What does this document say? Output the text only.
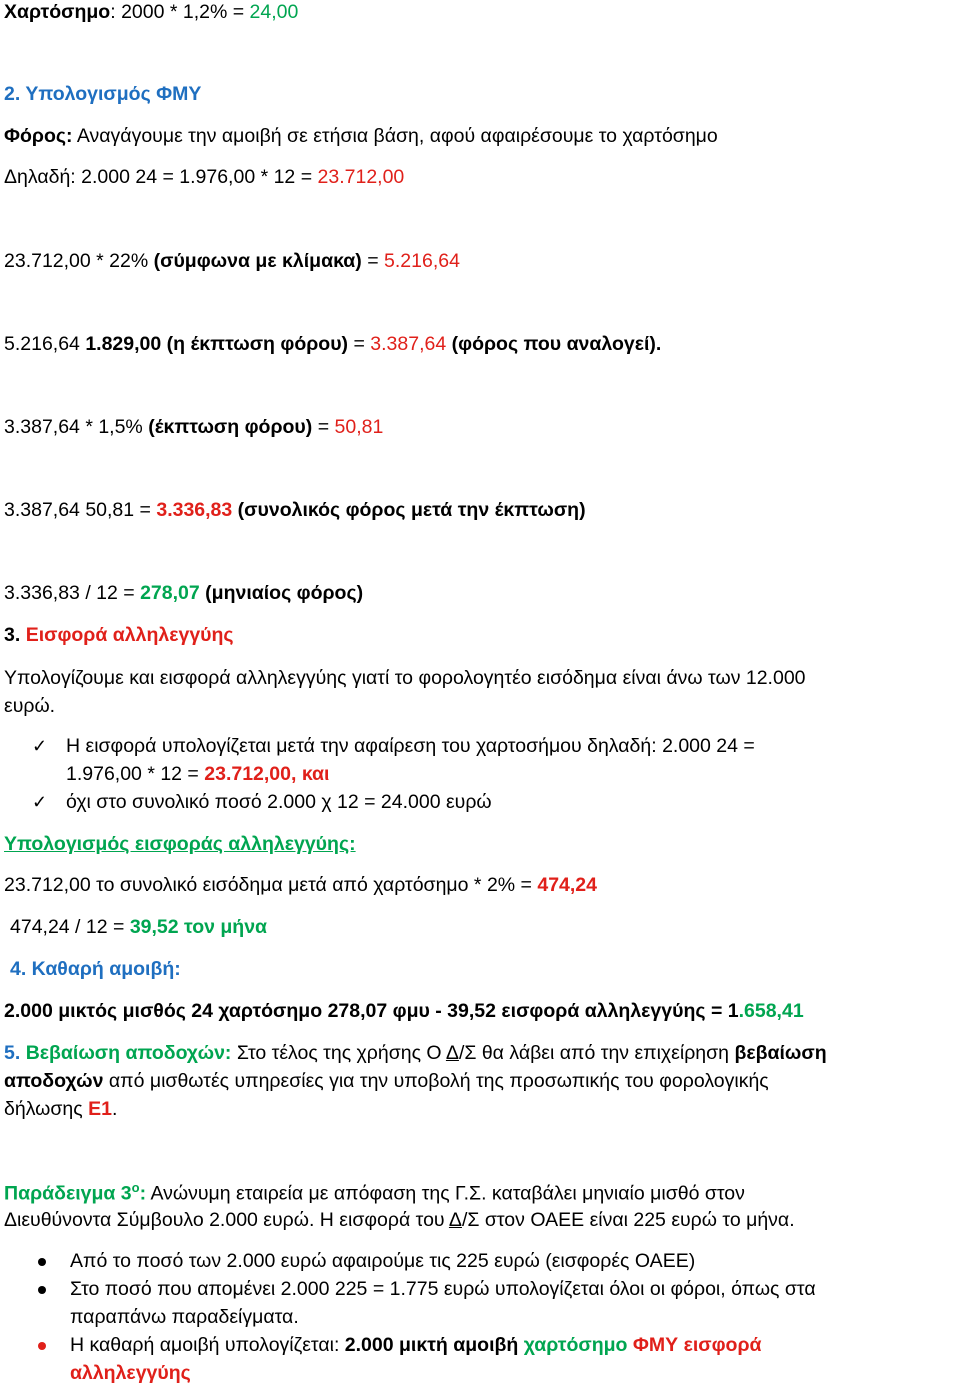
Χαρτόσημο: 2000 * 1,2% = 24,00
2. Υπολογισμός ΦΜΥ
Φόρος: Αναγάγουμε την αμοιβή σε ετήσια βάση, αφού αφαιρέσουμε το χαρτόσημο
Δηλαδή: 2.000 24 = 1.976,00 * 12 = 23.712,00
23.712,00 * 22% (σύμφωνα με κλίμακα) = 5.216,64
5.216,64 1.829,00 (η έκπτωση φόρου) = 3.387,64 (φόρος που αναλογεί).
3.387,64 * 1,5% (έκπτωση φόρου) = 50,81
3.387,64 50,81 = 3.336,83 (συνολικός φόρος μετά την έκπτωση)
3.336,83 / 12 = 278,07 (μηνιαίος φόρος)
3. Εισφορά αλληλεγγύης
Υπολογίζουμε και εισφορά αλληλεγγύης γιατί το φορολογητέο εισόδημα είναι άνω των 12.000
ευρώ.
✓ Η εισφορά υπολογίζεται μετά την αφαίρεση του χαρτοσήμου δηλαδή: 2.000 24 =
1.976,00 * 12 = 23.712,00, και
✓ όχι στο συνολικό ποσό 2.000 χ 12 = 24.000 ευρώ
Υπολογισμός εισφοράς αλληλεγγύης:
23.712,00 το συνολικό εισόδημα μετά από χαρτόσημο * 2% = 474,24
474,24 / 12 = 39,52 τον μήνα
4. Καθαρή αμοιβή:
2.000 μικτός μισθός 24 χαρτόσημο 278,07 φμυ - 39,52 εισφορά αλληλεγγύης = 1.658,41
5. Βεβαίωση αποδοχών: Στο τέλος της χρήσης Ο Δ/Σ θα λάβει από την επιχείρηση βεβαίωση
αποδοχών από μισθωτές υπηρεσίες για την υποβολή της προσωπικής του φορολογικής
δήλωσης Ε1.
Παράδειγμα $3^o$: Ανώνυμη εταιρεία με απόφαση της Γ.Σ. καταβάλει μηνιαίο μισθό στον
Διευθύνοντα Σύμβουλο 2.000 ευρώ. Η εισφορά του Δ/Σ στον ΟΑΕΕ είναι 225 ευρώ το μήνα.
Από το ποσό των 2.000 ευρώ αφαιρούμε τις 225 ευρώ (εισφορές ΟΑΕΕ)
Στο ποσό που απομένει 2.000 225 = 1.775 ευρώ υπολογίζεται όλοι οι φόροι, όπως στα
παραπάνω παραδείγματα.
Η καθαρή αμοιβή υπολογίζεται: 2.000 μικτή αμοιβή χαρτόσημο ΦΜΥ εισφορά
αλληλεγγύης
